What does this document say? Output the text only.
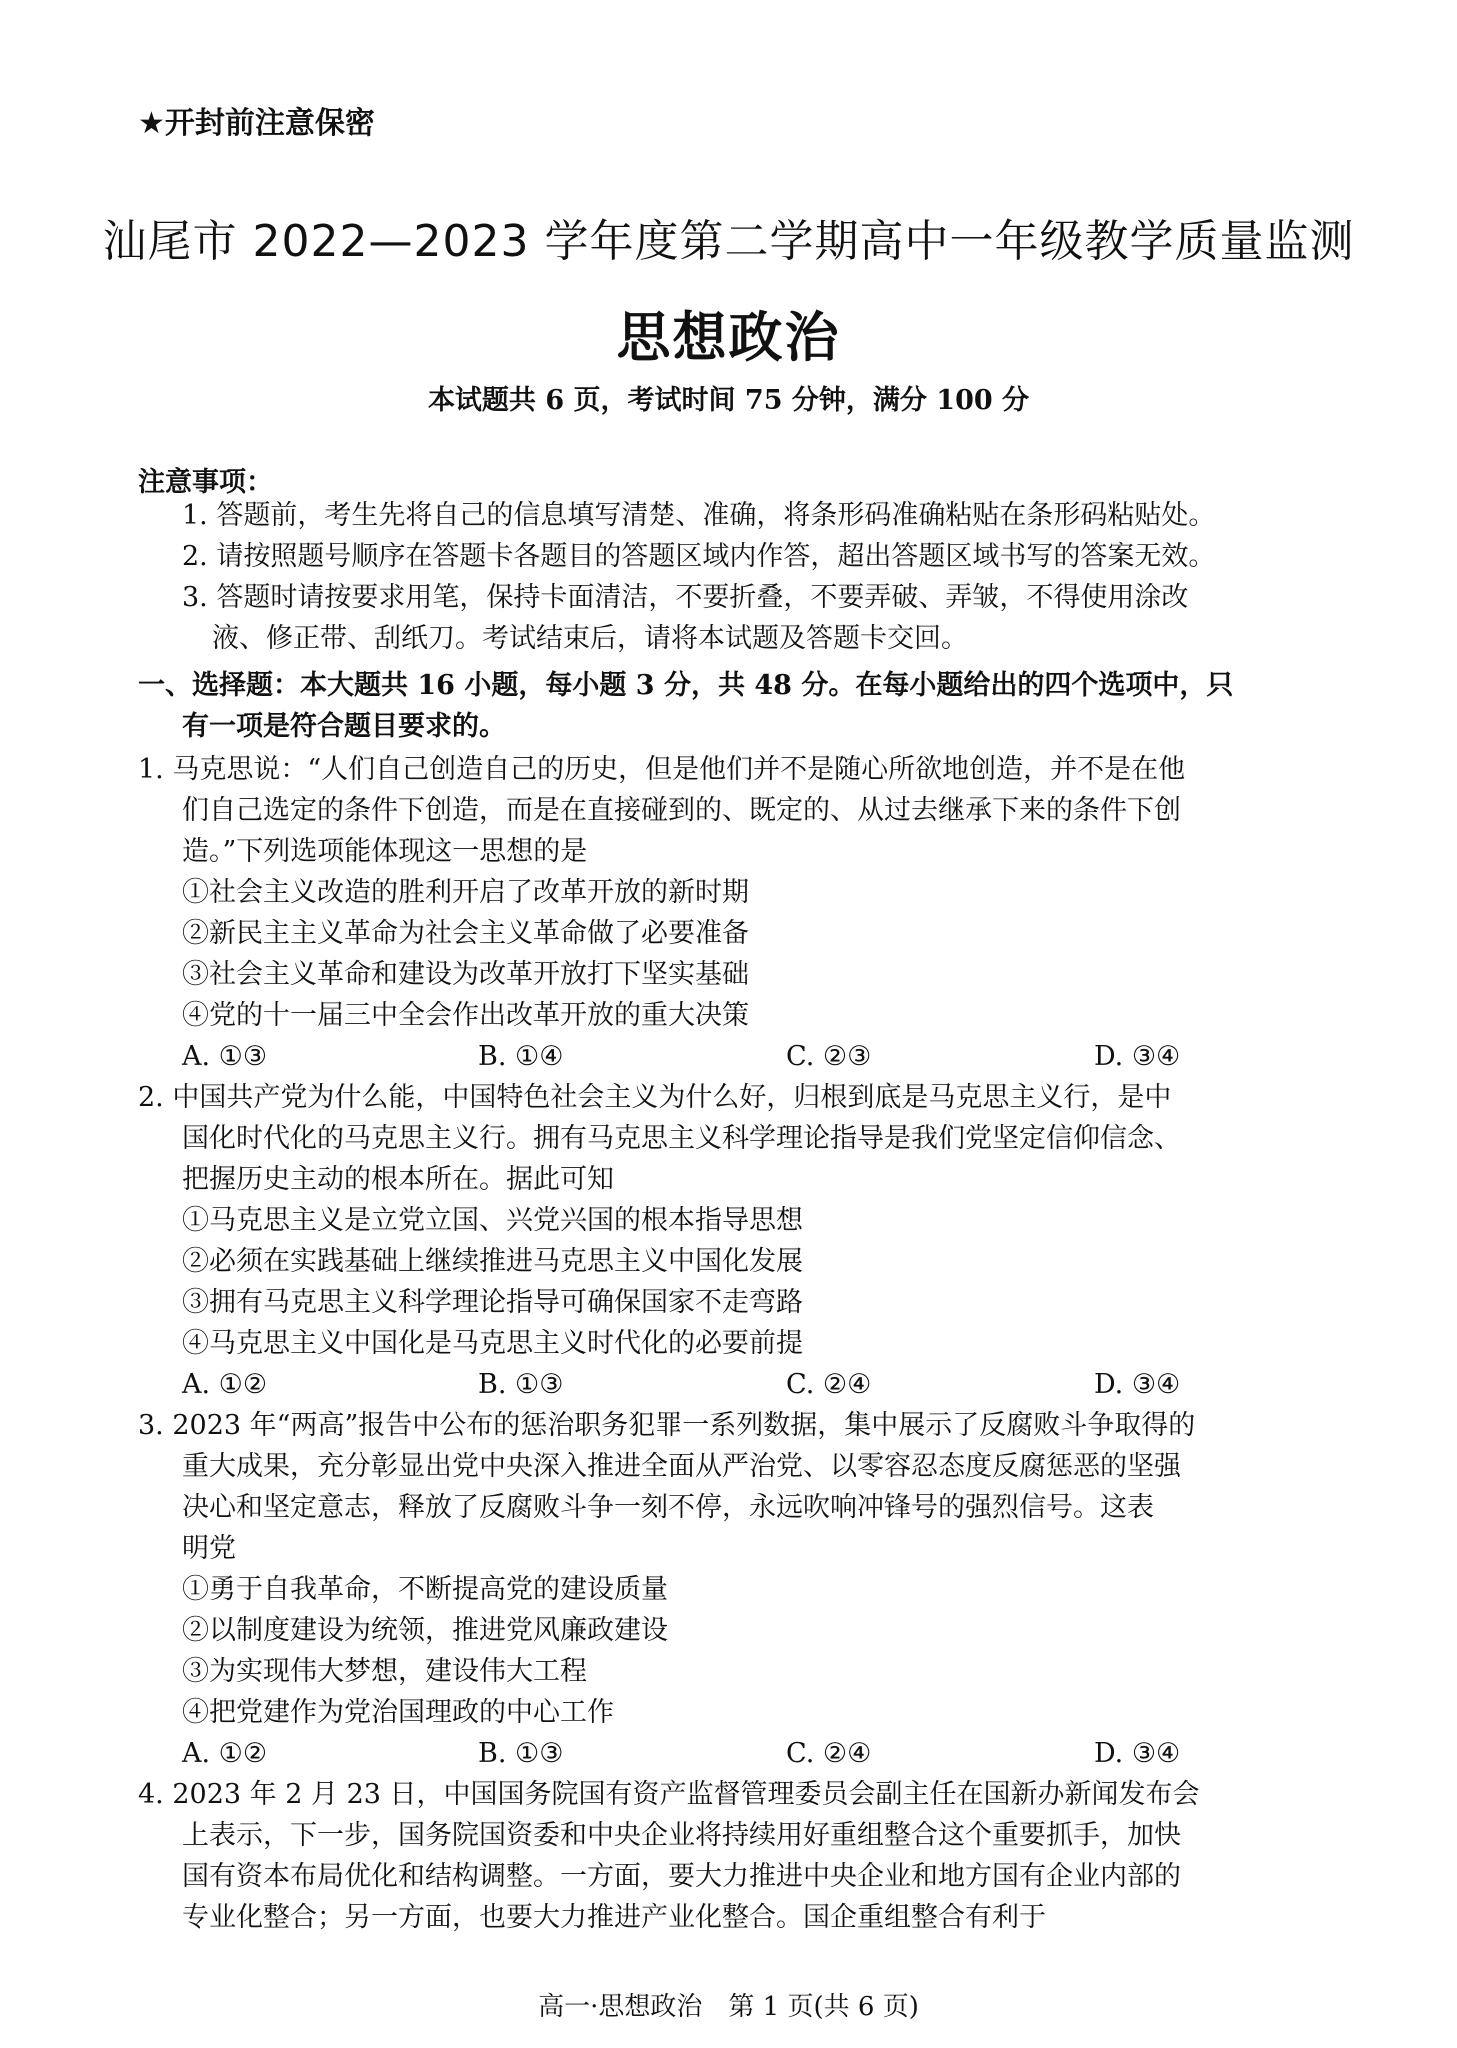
★开封前注意保密
汕尾市 2022—2023 学年度第二学期高中一年级教学质量监测
思想政治
本试题共 6 页，考试时间 75 分钟，满分 100 分
注意事项：
1. 答题前，考生先将自己的信息填写清楚、准确，将条形码准确粘贴在条形码粘贴处。
2. 请按照题号顺序在答题卡各题目的答题区域内作答，超出答题区域书写的答案无效。
3. 答题时请按要求用笔，保持卡面清洁，不要折叠，不要弄破、弄皱，不得使用涂改
液、修正带、刮纸刀。考试结束后，请将本试题及答题卡交回。
一、选择题：本大题共 16 小题，每小题 3 分，共 48 分。在每小题给出的四个选项中，只
有一项是符合题目要求的。
1. 马克思说：“人们自己创造自己的历史，但是他们并不是随心所欲地创造，并不是在他
们自己选定的条件下创造，而是在直接碰到的、既定的、从过去继承下来的条件下创
造。”下列选项能体现这一思想的是
①社会主义改造的胜利开启了改革开放的新时期
②新民主主义革命为社会主义革命做了必要准备
③社会主义革命和建设为改革开放打下坚实基础
④党的十一届三中全会作出改革开放的重大决策
A. ①③	B. ①④	C. ②③	D. ③④
2. 中国共产党为什么能，中国特色社会主义为什么好，归根到底是马克思主义行，是中
国化时代化的马克思主义行。拥有马克思主义科学理论指导是我们党坚定信仰信念、
把握历史主动的根本所在。据此可知
①马克思主义是立党立国、兴党兴国的根本指导思想
②必须在实践基础上继续推进马克思主义中国化发展
③拥有马克思主义科学理论指导可确保国家不走弯路
④马克思主义中国化是马克思主义时代化的必要前提
A. ①②	B. ①③	C. ②④	D. ③④
3. 2023 年“两高”报告中公布的惩治职务犯罪一系列数据，集中展示了反腐败斗争取得的
重大成果，充分彰显出党中央深入推进全面从严治党、以零容忍态度反腐惩恶的坚强
决心和坚定意志，释放了反腐败斗争一刻不停，永远吹响冲锋号的强烈信号。这表
明党
①勇于自我革命，不断提高党的建设质量
②以制度建设为统领，推进党风廉政建设
③为实现伟大梦想，建设伟大工程
④把党建作为党治国理政的中心工作
A. ①②	B. ①③	C. ②④	D. ③④
4. 2023 年 2 月 23 日，中国国务院国有资产监督管理委员会副主任在国新办新闻发布会
上表示，下一步，国务院国资委和中央企业将持续用好重组整合这个重要抓手，加快
国有资本布局优化和结构调整。一方面，要大力推进中央企业和地方国有企业内部的
专业化整合；另一方面，也要大力推进产业化整合。国企重组整合有利于
高一·思想政治　第 1 页(共 6 页)
